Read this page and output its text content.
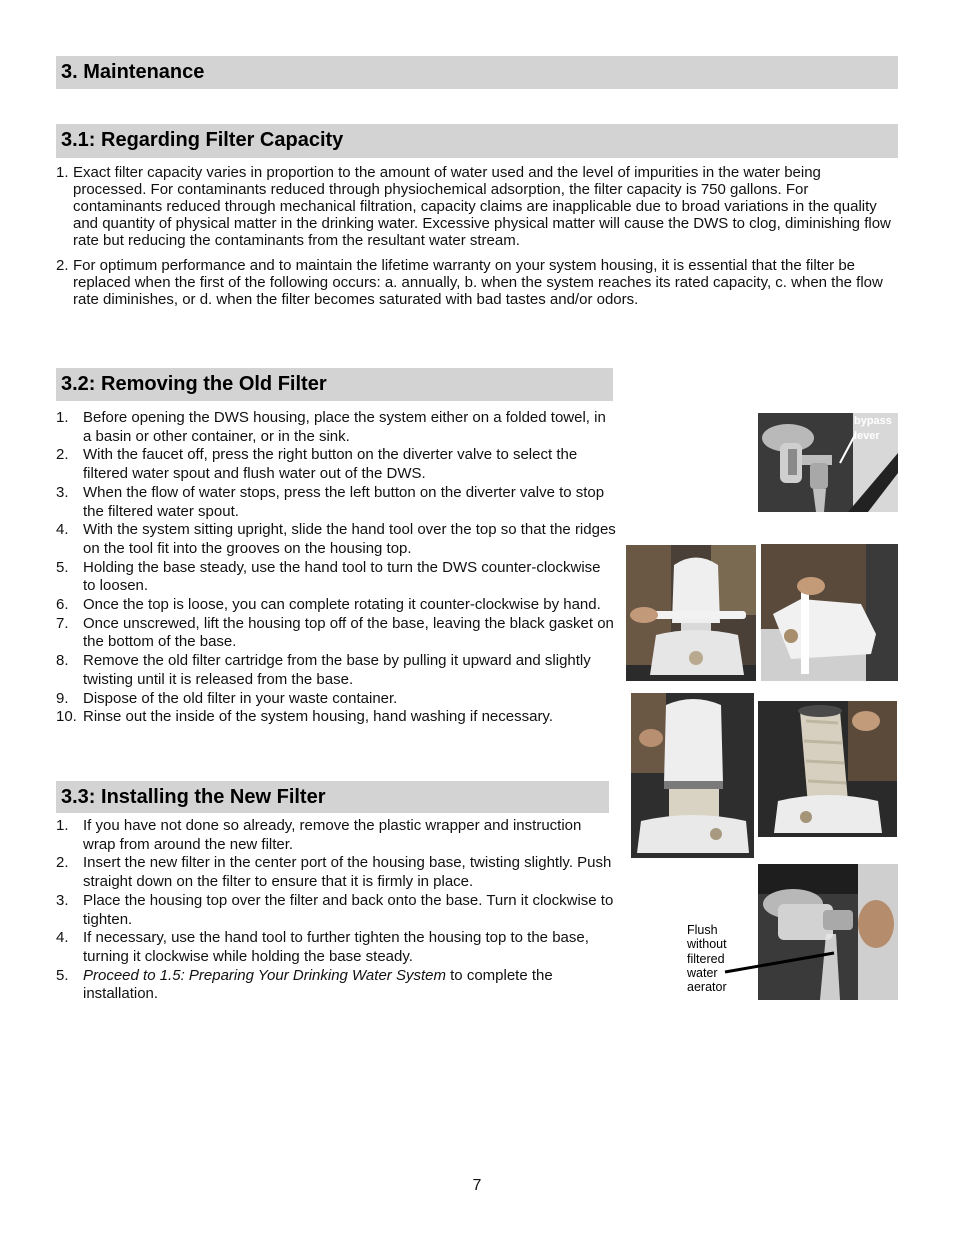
3. Maintenance
3.1: Regarding Filter Capacity
1. Exact filter capacity varies in proportion to the amount of water used and the level of impurities in the water being processed. For contaminants reduced through physiochemical adsorption, the filter capacity is 750 gallons. For contaminants reduced through mechanical filtration, capacity claims are inapplicable due to broad variations in the quality and quantity of physical matter in the drinking water. Excessive physical matter will cause the DWS to clog, diminishing flow rate but reducing the contaminants from the resultant water stream.
2. For optimum performance and to maintain the lifetime warranty on your system housing, it is essential that the filter be replaced when the first of the following occurs: a. annually, b. when the system reaches its rated capacity, c. when the flow rate diminishes, or d. when the filter becomes saturated with bad tastes and/or odors.
3.2: Removing the Old Filter
1. Before opening the DWS housing, place the system either on a folded towel, in a basin or other container, or in the sink.
2. With the faucet off, press the right button on the diverter valve to select the filtered water spout and flush water out of the DWS.
3. When the flow of water stops, press the left button on the diverter valve to stop the filtered water spout.
4. With the system sitting upright, slide the hand tool over the top so that the ridges on the tool fit into the grooves on the housing top.
5. Holding the base steady, use the hand tool to turn the DWS counter-clockwise to loosen.
6. Once the top is loose, you can complete rotating it counter-clockwise by hand.
7. Once unscrewed, lift the housing top off of the base, leaving the black gasket on the bottom of the base.
8. Remove the old filter cartridge from the base by pulling it upward and slightly twisting until it is released from the base.
9. Dispose of the old filter in your waste container.
10. Rinse out the inside of the system housing, hand washing if necessary.
3.3: Installing the New Filter
1. If you have not done so already, remove the plastic wrapper and instruction wrap from around the new filter.
2. Insert the new filter in the center port of the housing base, twisting slightly. Push straight down on the filter to ensure that it is firmly in place.
3. Place the housing top over the filter and back onto the base. Turn it clockwise to tighten.
4. If necessary, use the hand tool to further tighten the housing top to the base, turning it clockwise while holding the base steady.
5. Proceed to 1.5: Preparing Your Drinking Water System to complete the installation.
bypass
lever
Flush
without
filtered
water
aerator
7
